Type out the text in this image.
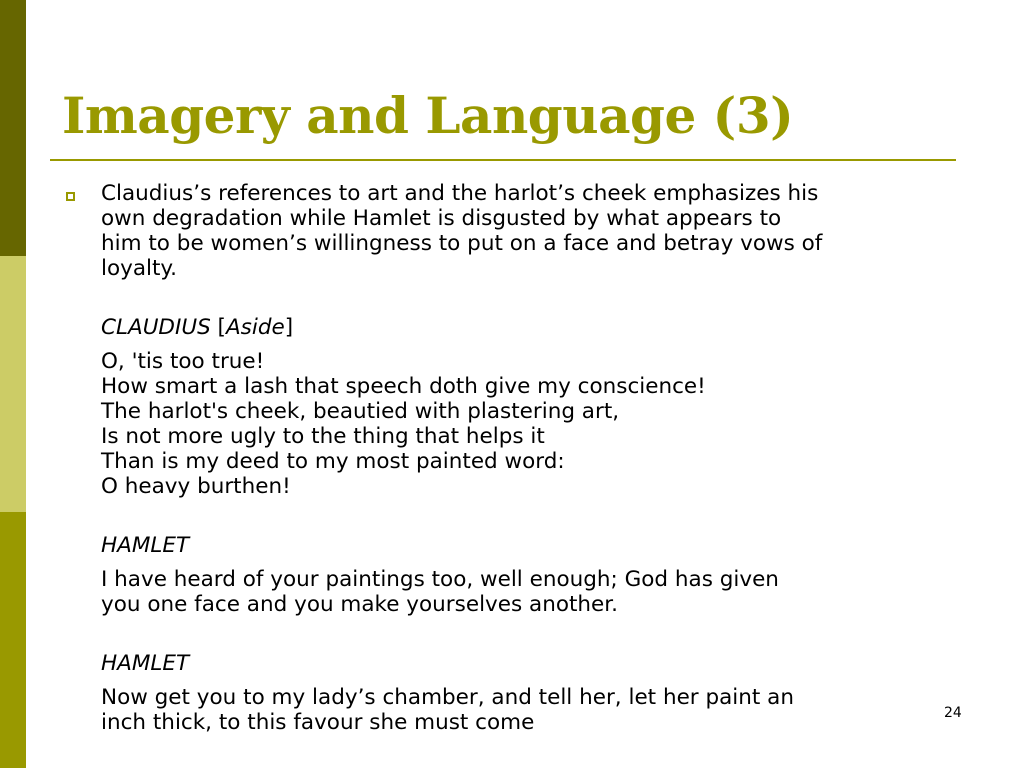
Imagery and Language (3)

Claudius’s references to art and the harlot’s cheek emphasizes his
own degradation while Hamlet is disgusted by what appears to
him to be women’s willingness to put on a face and betray vows of
loyalty.

CLAUDIUS [Aside]

O, 'tis too true!
How smart a lash that speech doth give my conscience!
The harlot's cheek, beautied with plastering art,
Is not more ugly to the thing that helps it
Than is my deed to my most painted word:
O heavy burthen!

HAMLET

I have heard of your paintings too, well enough; God has given
you one face and you make yourselves another.

HAMLET

Now get you to my lady’s chamber, and tell her, let her paint an
inch thick, to this favour she must come	24
